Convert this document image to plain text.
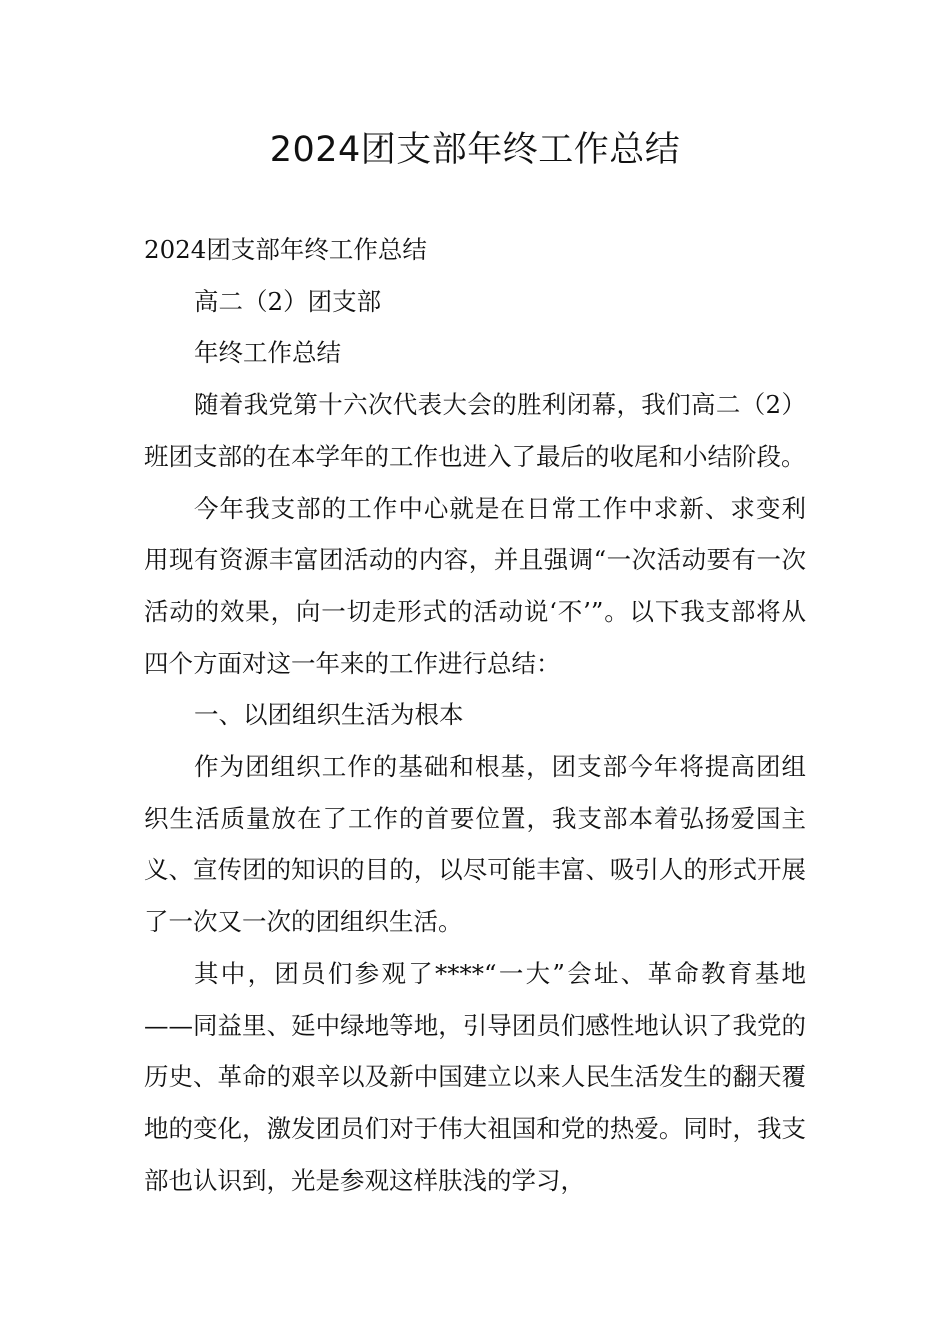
2024团支部年终工作总结

2024团支部年终工作总结

高二（2）团支部

年终工作总结

随着我党第十六次代表大会的胜利闭幕，我们高二（2）班团支部的在本学年的工作也进入了最后的收尾和小结阶段。

今年我支部的工作中心就是在日常工作中求新、求变利用现有资源丰富团活动的内容，并且强调“一次活动要有一次活动的效果，向一切走形式的活动说‘不’”。以下我支部将从四个方面对这一年来的工作进行总结：

一、以团组织生活为根本

作为团组织工作的基础和根基，团支部今年将提高团组织生活质量放在了工作的首要位置，我支部本着弘扬爱国主义、宣传团的知识的目的，以尽可能丰富、吸引人的形式开展了一次又一次的团组织生活。

其中，团员们参观了****“一大”会址、革命教育基地——同益里、延中绿地等地，引导团员们感性地认识了我党的历史、革命的艰辛以及新中国建立以来人民生活发生的翻天覆地的变化，激发团员们对于伟大祖国和党的热爱。同时，我支部也认识到，光是参观这样肤浅的学习，
